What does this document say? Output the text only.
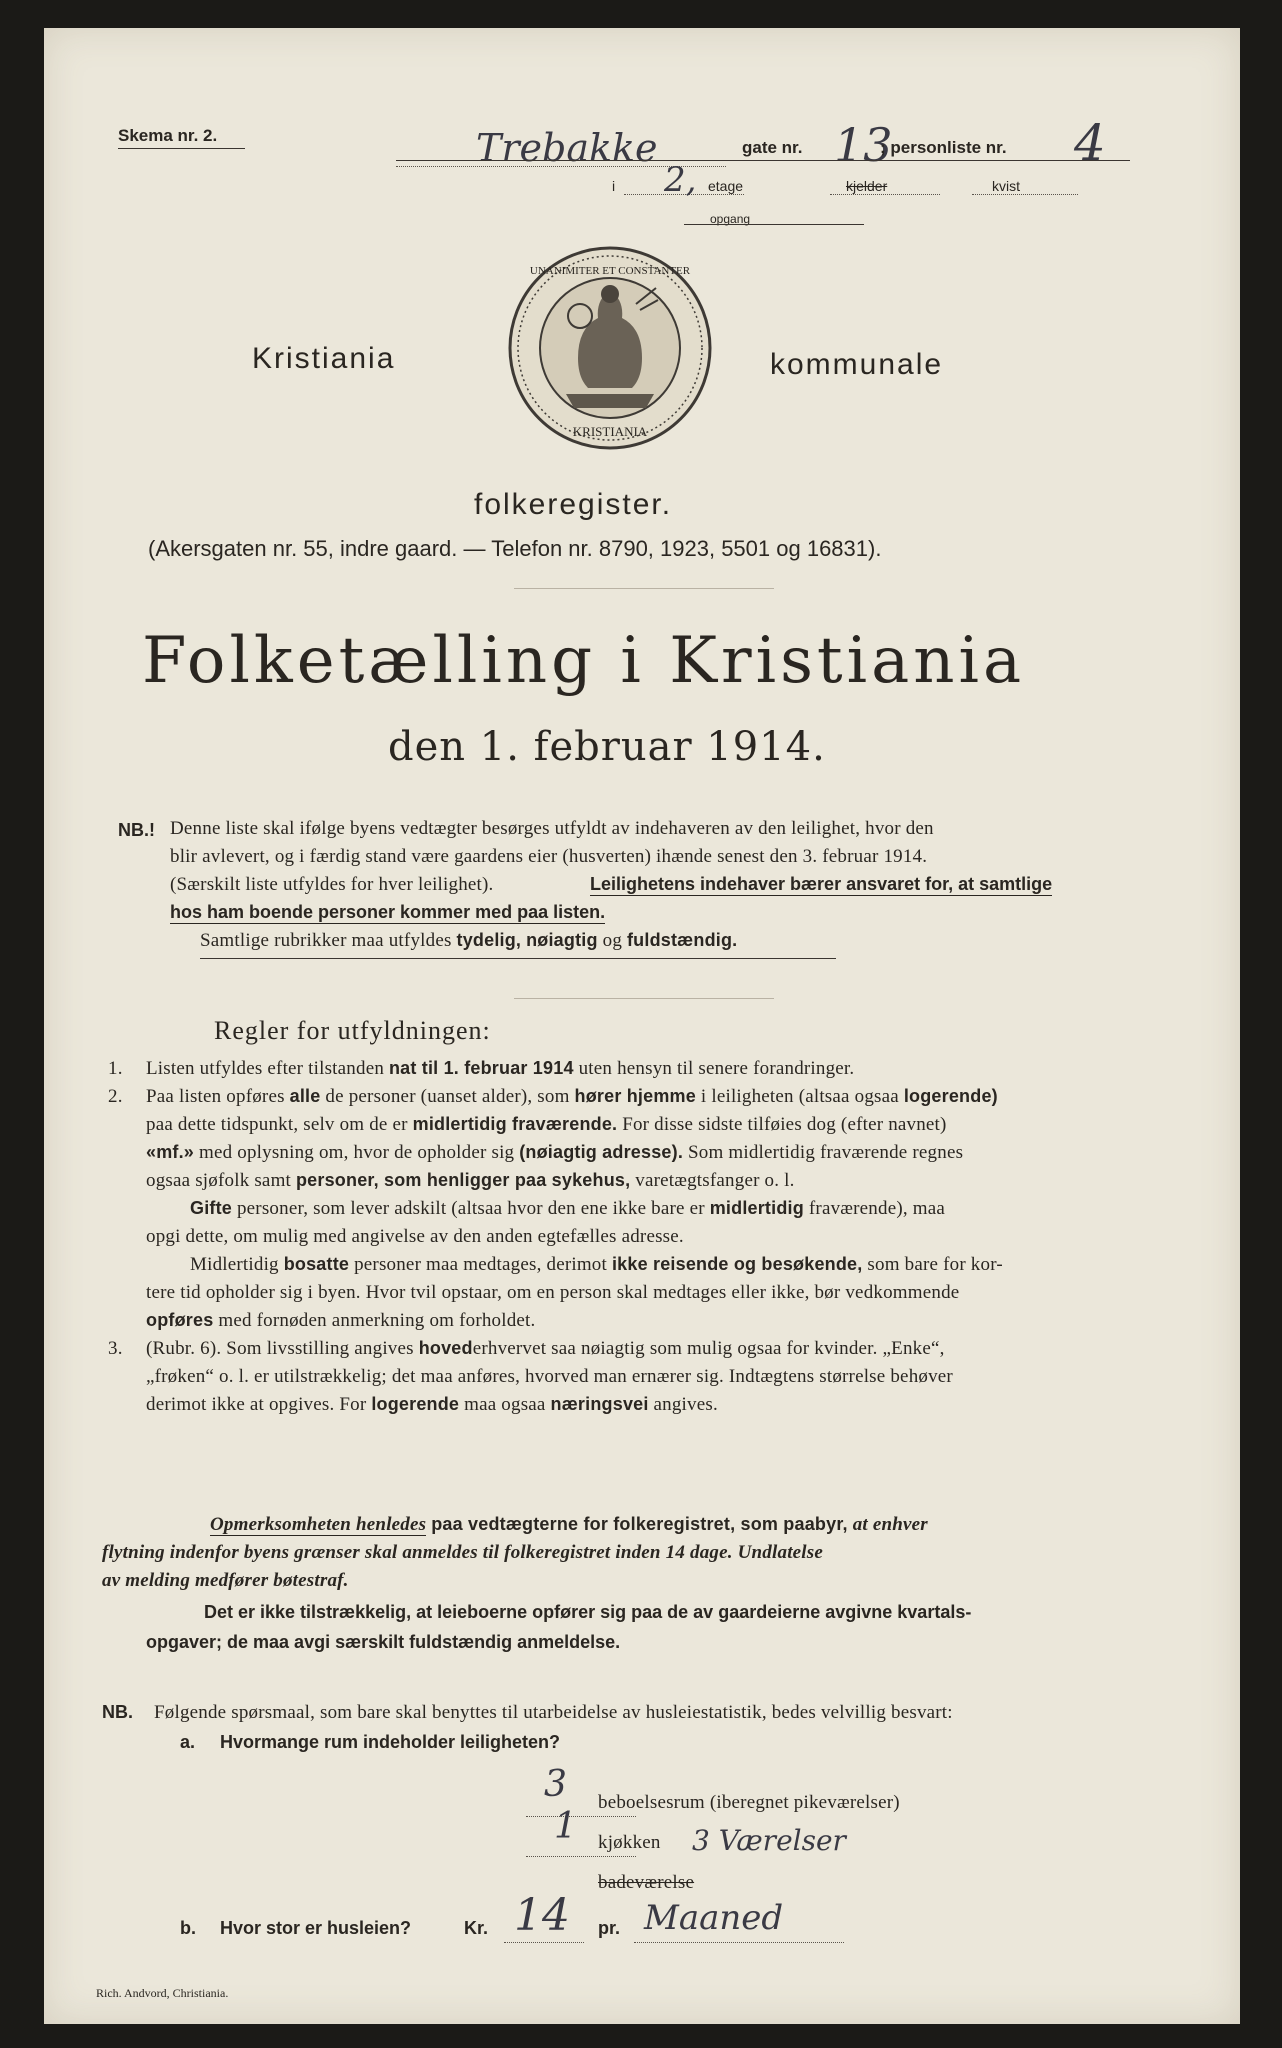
Skema nr. 2.	Trebakke	gate nr. 13
; personliste nr. 4
i 2, etage	kjelder	kvist
opgang
UNANIMITER ET CONSTANTER
KRISTIANIA
Kristiania	kommunale
folkeregister.
(Akersgaten nr. 55, indre gaard. — Telefon nr. 8790, 1923, 5501 og 16831).
Folketælling i Kristiania
den 1. februar 1914.
NB.! Denne liste skal ifølge byens vedtægter besørges utfyldt av indehaveren av den leilighet, hvor den
blir avlevert, og i færdig stand være gaardens eier (husverten) ihænde senest den 3. februar 1914.
(Særskilt liste utfyldes for hver leilighet).	Leilighetens indehaver bærer ansvaret for, at samtlige
hos ham boende personer kommer med paa listen.
Samtlige rubrikker maa utfyldes tydelig, nøiagtig og fuldstændig.
Regler for utfyldningen:
1. Listen utfyldes efter tilstanden nat til 1. februar 1914 uten hensyn til senere forandringer.
2. Paa listen opføres alle de personer (uanset alder), som hører hjemme i leiligheten (altsaa ogsaa logerende)
paa dette tidspunkt, selv om de er midlertidig fraværende. For disse sidste tilføies dog (efter navnet)
«mf.» med oplysning om, hvor de opholder sig (nøiagtig adresse). Som midlertidig fraværende regnes
ogsaa sjøfolk samt personer, som henligger paa sykehus, varetægtsfanger o. l.
Gifte personer, som lever adskilt (altsaa hvor den ene ikke bare er midlertidig fraværende), maa
opgi dette, om mulig med angivelse av den anden egtefælles adresse.
Midlertidig bosatte personer maa medtages, derimot ikke reisende og besøkende, som bare for kor-
tere tid opholder sig i byen. Hvor tvil opstaar, om en person skal medtages eller ikke, bør vedkommende
opføres med fornøden anmerkning om forholdet.
3. (Rubr. 6). Som livsstilling angives hovederhvervet saa nøiagtig som mulig ogsaa for kvinder. „Enke“,
„frøken“ o. l. er utilstrækkelig; det maa anføres, hvorved man ernærer sig. Indtægtens størrelse behøver
derimot ikke at opgives. For logerende maa ogsaa næringsvei angives.
Opmerksomheten henledes paa vedtægterne for folkeregistret, som paabyr, at enhver
flytning indenfor byens grænser skal anmeldes til folkeregistret inden 14 dage. Undlatelse
av melding medfører bøtestraf.
Det er ikke tilstrækkelig, at leieboerne opfører sig paa de av gaardeierne avgivne kvartals-
opgaver; de maa avgi særskilt fuldstændig anmeldelse.
NB. Følgende spørsmaal, som bare skal benyttes til utarbeidelse av husleiestatistik, bedes velvillig besvart:
a. Hvormange rum indeholder leiligheten?
3 beboelsesrum (iberegnet pikeværelser)
1 kjøkken 3 Værelser
badeværelse
b. Hvor stor er husleien?	Kr. 14 pr. Maaned
Rich. Andvord, Christiania.
